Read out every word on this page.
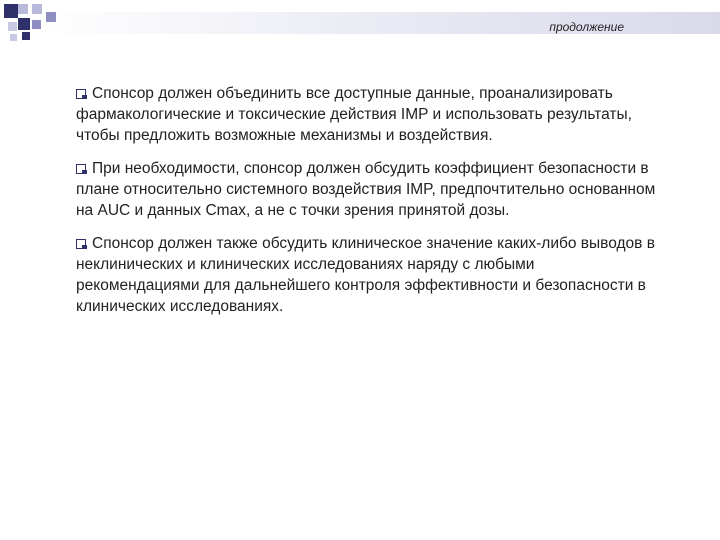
продолжение
Спонсор должен объединить все доступные данные, проанализировать фармакологические и токсические действия IMP и использовать результаты, чтобы предложить возможные механизмы и воздействия.
При необходимости, спонсор должен обсудить коэффициент безопасности в плане относительно системного воздействия IMP, предпочтительно основанном на AUC и данных Cmax, а не с точки зрения принятой дозы.
Спонсор должен также обсудить клиническое значение каких-либо выводов в неклинических и клинических исследованиях наряду с любыми рекомендациями для дальнейшего контроля эффективности и безопасности в клинических исследованиях.
